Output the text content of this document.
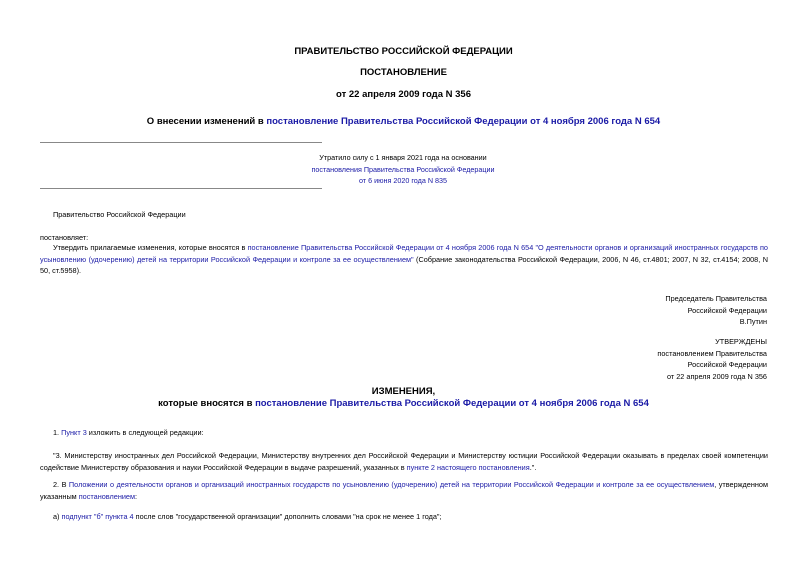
ПРАВИТЕЛЬСТВО РОССИЙСКОЙ ФЕДЕРАЦИИ
ПОСТАНОВЛЕНИЕ
от 22 апреля 2009 года N 356
О внесении изменений в постановление Правительства Российской Федерации от 4 ноября 2006 года N 654
Утратило силу с 1 января 2021 года на основании
постановления Правительства Российской Федерации
от 6 июня 2020 года N 835
Правительство Российской Федерации
постановляет:
Утвердить прилагаемые изменения, которые вносятся в постановление Правительства Российской Федерации от 4 ноября 2006 года N 654 "О деятельности органов и организаций иностранных государств по усыновлению (удочерению) детей на территории Российской Федерации и контроле за ее осуществлением" (Собрание законодательства Российской Федерации, 2006, N 46, ст.4801; 2007, N 32, ст.4154; 2008, N 50, ст.5958).
Председатель Правительства
Российской Федерации
В.Путин
УТВЕРЖДЕНЫ
постановлением Правительства
Российской Федерации
от 22 апреля 2009 года N 356
ИЗМЕНЕНИЯ,
которые вносятся в постановление Правительства Российской Федерации от 4 ноября 2006 года N 654
1. Пункт 3 изложить в следующей редакции:
"3. Министерству иностранных дел Российской Федерации, Министерству внутренних дел Российской Федерации и Министерству юстиции Российской Федерации оказывать в пределах своей компетенции содействие Министерству образования и науки Российской Федерации в выдаче разрешений, указанных в пункте 2 настоящего постановления.".
2. В Положении о деятельности органов и организаций иностранных государств по усыновлению (удочерению) детей на территории Российской Федерации и контроле за ее осуществлением, утвержденном указанным постановлением:
а) подпункт "б" пункта 4 после слов "государственной организации" дополнить словами "на срок не менее 1 года";
